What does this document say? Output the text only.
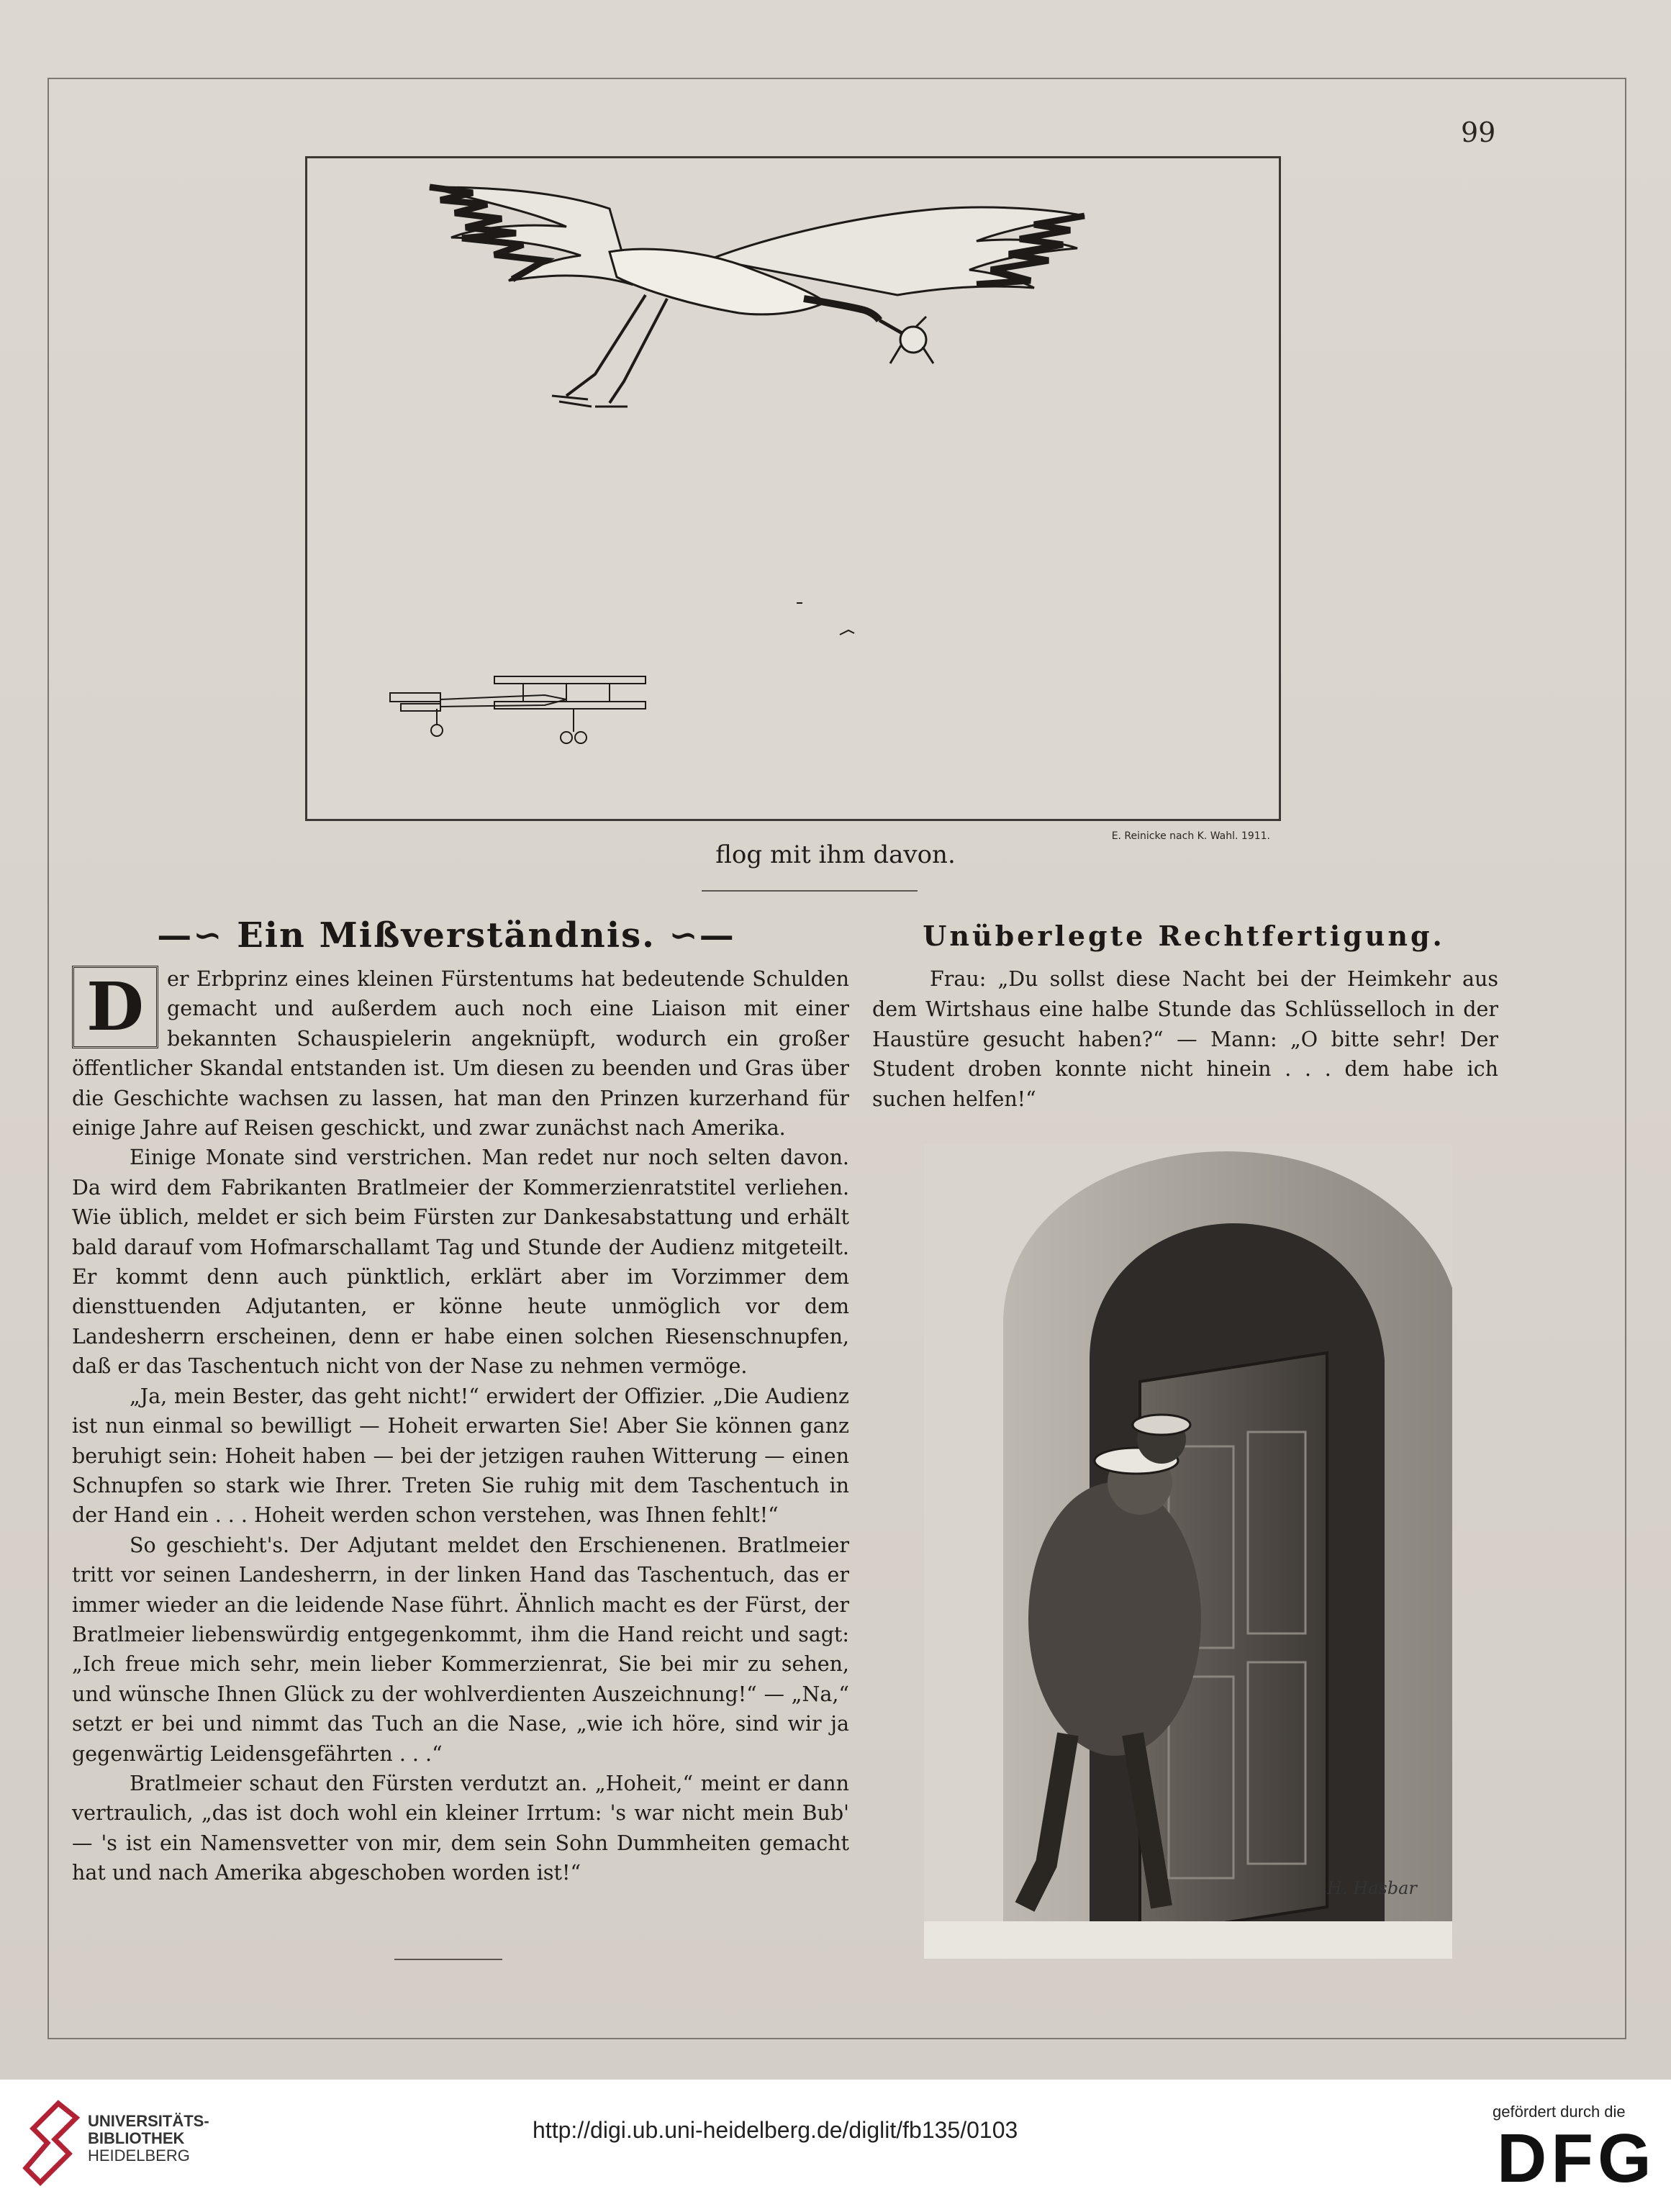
99
E. Reinicke nach K. Wahl. 1911.
flog mit ihm davon.
—∽ Ein Mißverständnis. ∽—	Unüberlegte Rechtfertigung.

D	er Erbprinz eines kleinen Fürstentums hat bedeutende Schulden gemacht und außerdem auch noch eine Liaison mit einer bekannten Schauspielerin angeknüpft, wodurch ein großer öffentlicher Skandal entstanden ist. Um diesen zu beenden und Gras über die Geschichte wachsen zu lassen, hat man den Prinzen kurzerhand für einige Jahre auf Reisen geschickt, und zwar zunächst nach Amerika.

Einige Monate sind verstrichen. Man redet nur noch selten davon. Da wird dem Fabrikanten Bratlmeier der Kommerzienratstitel verliehen. Wie üblich, meldet er sich beim Fürsten zur Dankesabstattung und erhält bald darauf vom Hofmarschallamt Tag und Stunde der Audienz mitgeteilt. Er kommt denn auch pünktlich, erklärt aber im Vorzimmer dem diensttuenden Adjutanten, er könne heute unmöglich vor dem Landesherrn erscheinen, denn er habe einen solchen Riesenschnupfen, daß er das Taschentuch nicht von der Nase zu nehmen vermöge.

„Ja, mein Bester, das geht nicht!“ erwidert der Offizier. „Die Audienz ist nun einmal so bewilligt — Hoheit erwarten Sie! Aber Sie können ganz beruhigt sein: Hoheit haben — bei der jetzigen rauhen Witterung — einen Schnupfen so stark wie Ihrer. Treten Sie ruhig mit dem Taschentuch in der Hand ein . . . Hoheit werden schon verstehen, was Ihnen fehlt!“

So geschieht's. Der Adjutant meldet den Erschienenen. Bratlmeier tritt vor seinen Landesherrn, in der linken Hand das Taschentuch, das er immer wieder an die leidende Nase führt. Ähnlich macht es der Fürst, der Bratlmeier liebenswürdig entgegenkommt, ihm die Hand reicht und sagt: „Ich freue mich sehr, mein lieber Kommerzienrat, Sie bei mir zu sehen, und wünsche Ihnen Glück zu der wohlverdienten Auszeichnung!“ — „Na,“ setzt er bei und nimmt das Tuch an die Nase, „wie ich höre, sind wir ja gegenwärtig Leidensgefährten . . .“

Bratlmeier schaut den Fürsten verdutzt an. „Hoheit,“ meint er dann vertraulich, „das ist doch wohl ein kleiner Irrtum: 's war nicht mein Bub' — 's ist ein Namensvetter von mir, dem sein Sohn Dummheiten gemacht hat und nach Amerika abgeschoben worden ist!“

Frau: „Du sollst diese Nacht bei der Heimkehr aus dem Wirtshaus eine halbe Stunde das Schlüsselloch in der Haustüre gesucht haben?“ — Mann: „O bitte sehr! Der Student droben konnte nicht hinein . . . dem habe ich suchen helfen!“

H. Hasbar
UNIVERSITÄTS-
BIBLIOTHEK
HEIDELBERG
http://digi.ub.uni-heidelberg.de/diglit/fb135/0103
gefördert durch die
DFG
